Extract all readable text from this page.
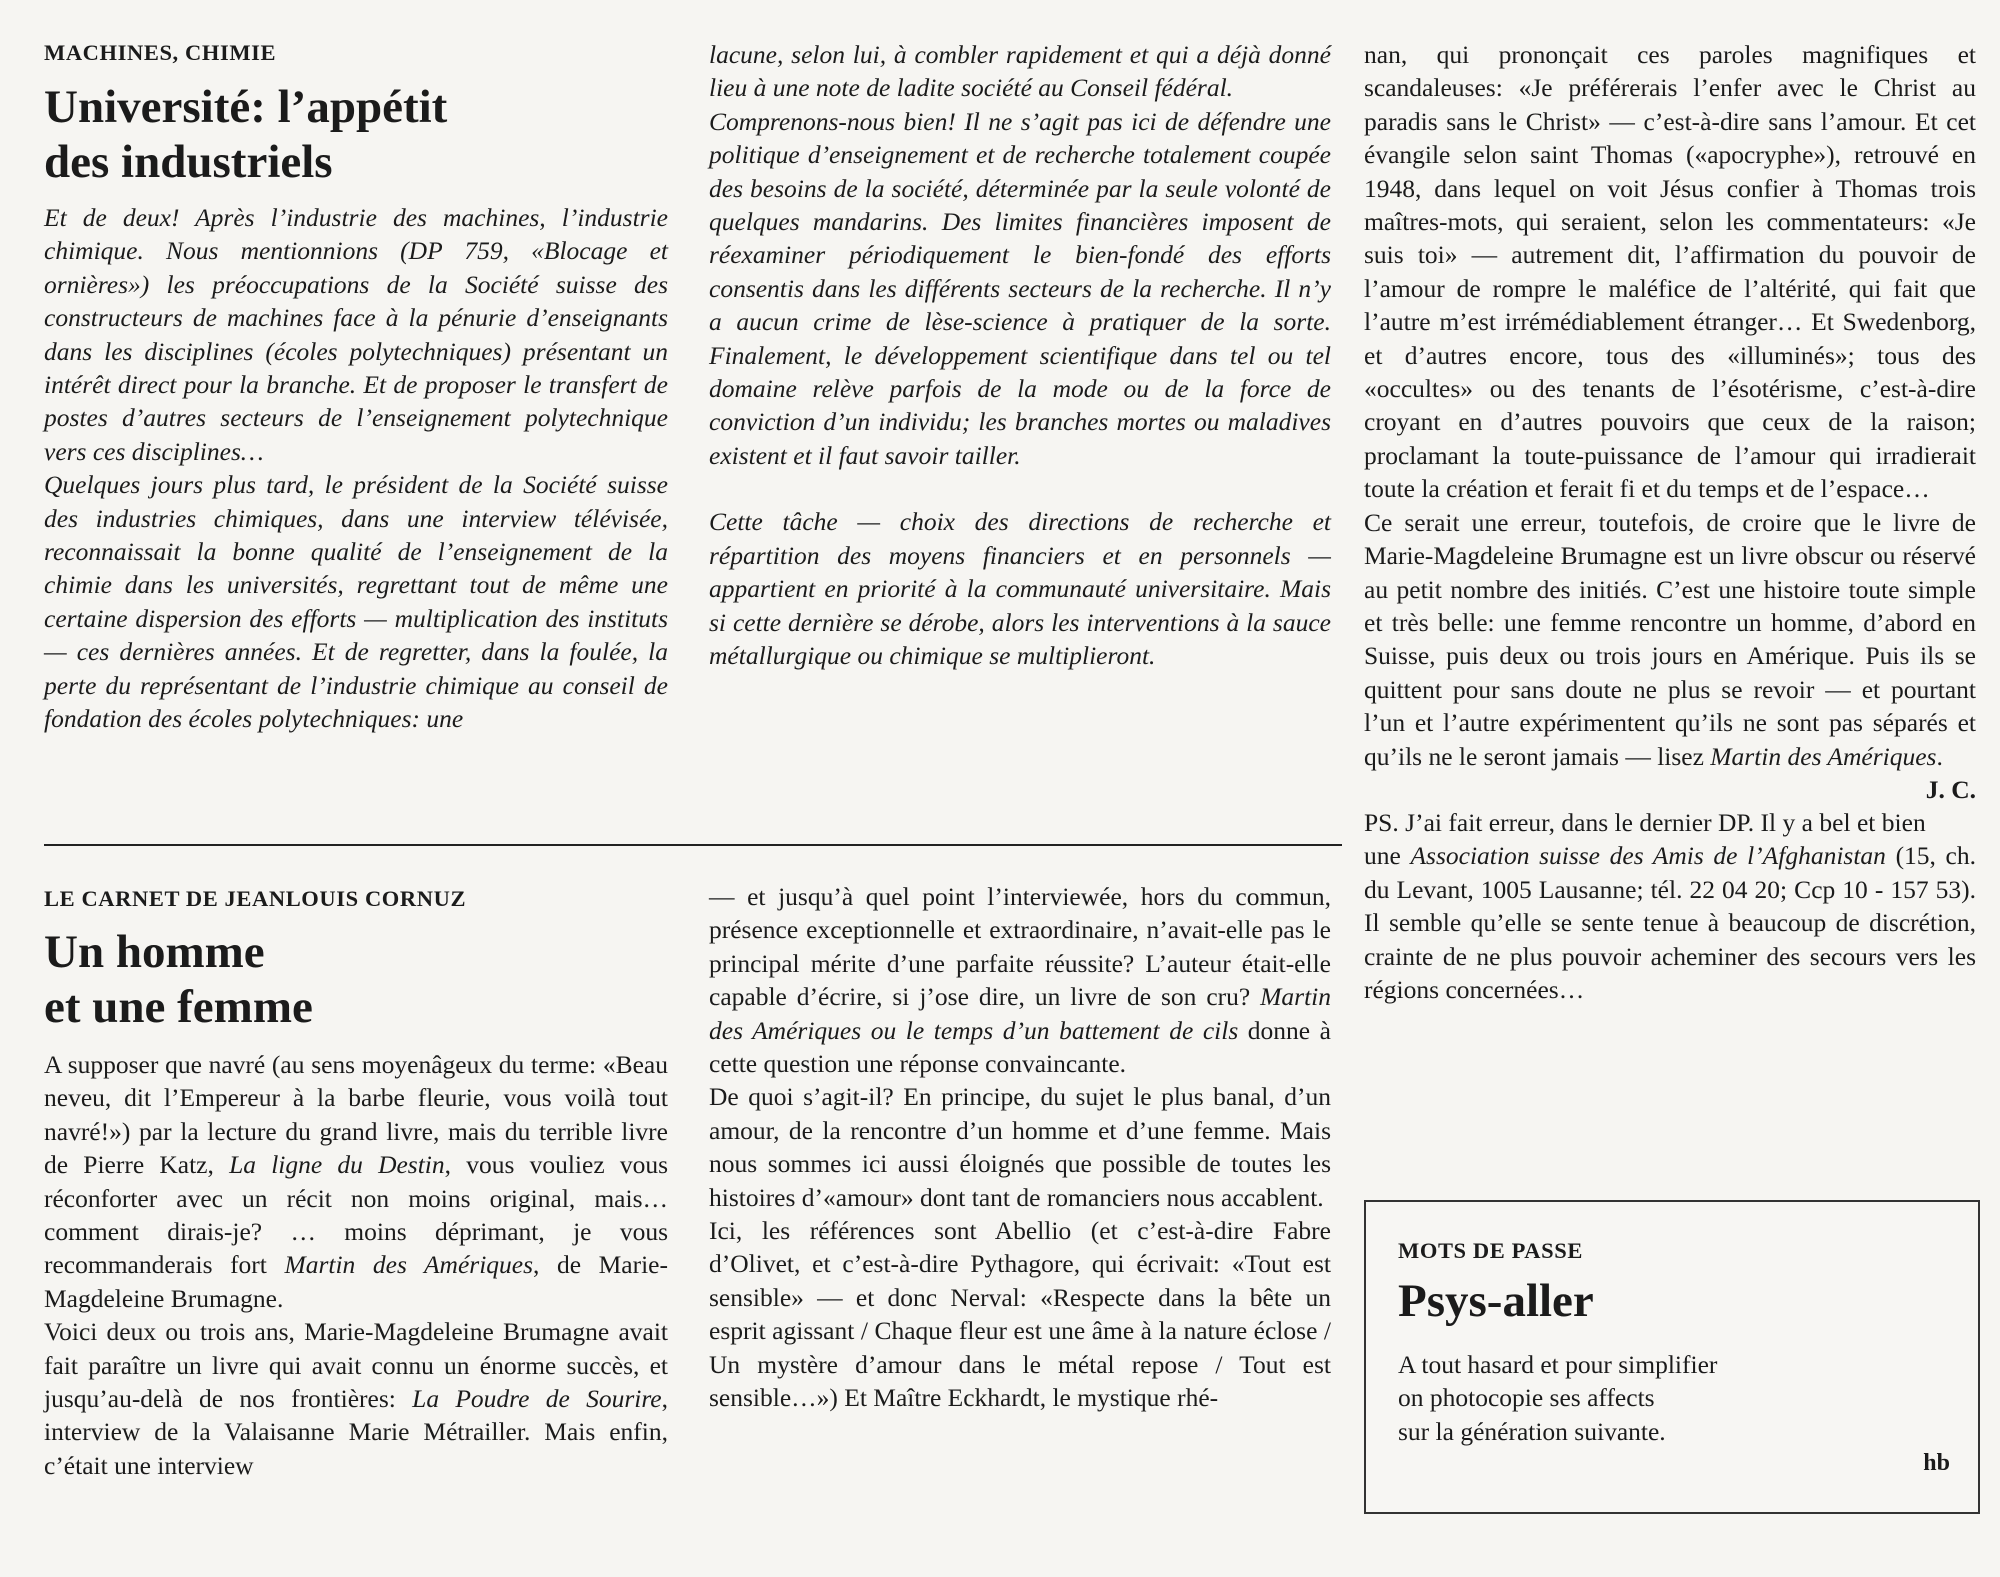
MACHINES, CHIMIE
Université: l’appétit
des industriels

Et de deux! Après l’industrie des machines, l’industrie chimique. Nous mentionnions (DP 759, «Blocage et ornières») les préoccupations de la Société suisse des constructeurs de machines face à la pénurie d’enseignants dans les disciplines (écoles polytechniques) présentant un intérêt direct pour la branche. Et de proposer le transfert de postes d’autres secteurs de l’enseignement polytechnique vers ces disciplines…

Quelques jours plus tard, le président de la Société suisse des industries chimiques, dans une interview télévisée, reconnaissait la bonne qualité de l’enseignement de la chimie dans les universités, regrettant tout de même une certaine dispersion des efforts — multiplication des instituts — ces dernières années. Et de regretter, dans la foulée, la perte du représentant de l’industrie chimique au conseil de fondation des écoles polytechniques: une

lacune, selon lui, à combler rapidement et qui a déjà donné lieu à une note de ladite société au Conseil fédéral.

Comprenons-nous bien! Il ne s’agit pas ici de défendre une politique d’enseignement et de recherche totalement coupée des besoins de la société, déterminée par la seule volonté de quelques mandarins. Des limites financières imposent de réexaminer périodiquement le bien-fondé des efforts consentis dans les différents secteurs de la recherche. Il n’y a aucun crime de lèse-science à pratiquer de la sorte. Finalement, le développement scientifique dans tel ou tel domaine relève parfois de la mode ou de la force de conviction d’un individu; les branches mortes ou maladives existent et il faut savoir tailler.

Cette tâche — choix des directions de recherche et répartition des moyens financiers et en personnels — appartient en priorité à la communauté universitaire. Mais si cette dernière se dérobe, alors les interventions à la sauce métallurgique ou chimique se multiplieront.

LE CARNET DE JEANLOUIS CORNUZ
Un homme
et une femme

A supposer que navré (au sens moyenâgeux du terme: «Beau neveu, dit l’Empereur à la barbe fleurie, vous voilà tout navré!») par la lecture du grand livre, mais du terrible livre de Pierre Katz, La ligne du Destin, vous vouliez vous réconforter avec un récit non moins original, mais… comment dirais-je? … moins déprimant, je vous recommanderais fort Martin des Amériques, de Marie-Magdeleine Brumagne.

Voici deux ou trois ans, Marie-Magdeleine Brumagne avait fait paraître un livre qui avait connu un énorme succès, et jusqu’au-delà de nos frontières: La Poudre de Sourire, interview de la Valaisanne Marie Métrailler. Mais enfin, c’était une interview

— et jusqu’à quel point l’interviewée, hors du commun, présence exceptionnelle et extraordinaire, n’avait-elle pas le principal mérite d’une parfaite réussite? L’auteur était-elle capable d’écrire, si j’ose dire, un livre de son cru? Martin des Amériques ou le temps d’un battement de cils donne à cette question une réponse convaincante.

De quoi s’agit-il? En principe, du sujet le plus banal, d’un amour, de la rencontre d’un homme et d’une femme. Mais nous sommes ici aussi éloignés que possible de toutes les histoires d’«amour» dont tant de romanciers nous accablent.

Ici, les références sont Abellio (et c’est-à-dire Fabre d’Olivet, et c’est-à-dire Pythagore, qui écrivait: «Tout est sensible» — et donc Nerval: «Respecte dans la bête un esprit agissant / Chaque fleur est une âme à la nature éclose / Un mystère d’amour dans le métal repose / Tout est sensible…») Et Maître Eckhardt, le mystique rhé-

nan, qui prononçait ces paroles magnifiques et scandaleuses: «Je préférerais l’enfer avec le Christ au paradis sans le Christ» — c’est-à-dire sans l’amour. Et cet évangile selon saint Thomas («apocryphe»), retrouvé en 1948, dans lequel on voit Jésus confier à Thomas trois maîtres-mots, qui seraient, selon les commentateurs: «Je suis toi» — autrement dit, l’affirmation du pouvoir de l’amour de rompre le maléfice de l’altérité, qui fait que l’autre m’est irrémédiablement étranger… Et Swedenborg, et d’autres encore, tous des «illuminés»; tous des «occultes» ou des tenants de l’ésotérisme, c’est-à-dire croyant en d’autres pouvoirs que ceux de la raison; proclamant la toute-puissance de l’amour qui irradierait toute la création et ferait fi et du temps et de l’espace…

Ce serait une erreur, toutefois, de croire que le livre de Marie-Magdeleine Brumagne est un livre obscur ou réservé au petit nombre des initiés. C’est une histoire toute simple et très belle: une femme rencontre un homme, d’abord en Suisse, puis deux ou trois jours en Amérique. Puis ils se quittent pour sans doute ne plus se revoir — et pourtant l’un et l’autre expérimentent qu’ils ne sont pas séparés et qu’ils ne le seront jamais — lisez Martin des Amériques.
J. C.

PS. J’ai fait erreur, dans le dernier DP. Il y a bel et bien une Association suisse des Amis de l’Afghanistan (15, ch. du Levant, 1005 Lausanne; tél. 22 04 20; Ccp 10 - 157 53). Il semble qu’elle se sente tenue à beaucoup de discrétion, crainte de ne plus pouvoir acheminer des secours vers les régions concernées…

MOTS DE PASSE
Psys-aller
A tout hasard et pour simplifier
on photocopie ses affects
sur la génération suivante.
hb
